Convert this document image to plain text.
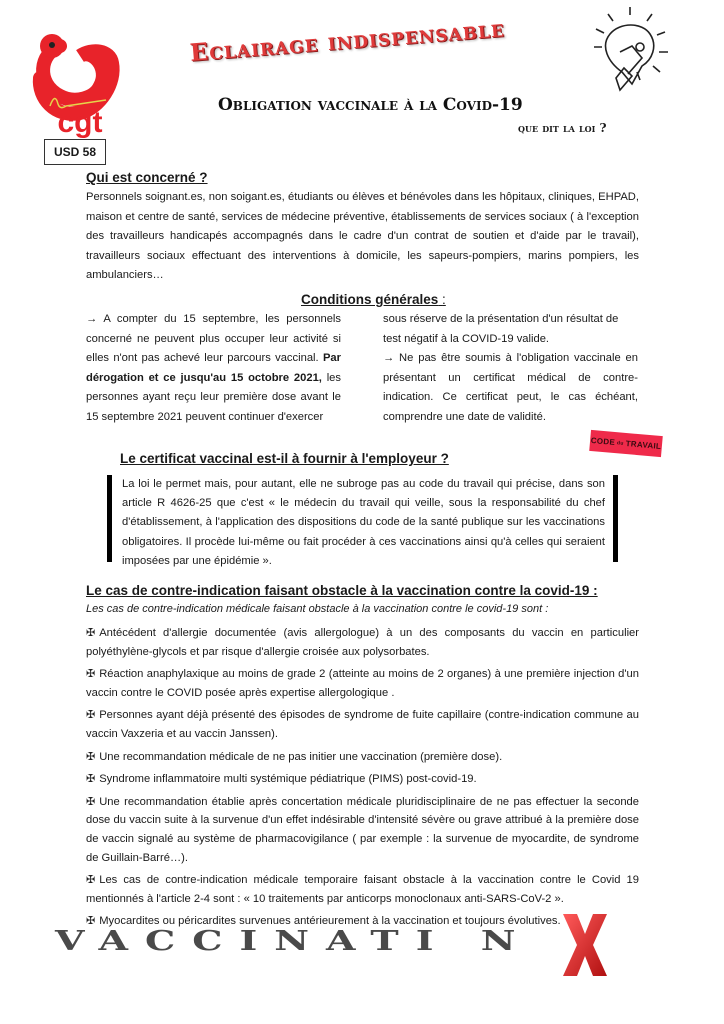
cgt
USD 58
Eclairage indispensable
Obligation vaccinale à la Covid-19
que dit la loi ?
Qui est concerné ?
Personnels soignant.es, non soigant.es, étudiants ou élèves et bénévoles dans les hôpitaux, cliniques, EHPAD, maison et centre de santé, services de médecine préventive, établissements de services sociaux ( à l'exception des travailleurs handicapés accompagnés dans le cadre d'un contrat de soutien et d'aide par le travail), travailleurs sociaux effectuant des interventions à domicile, les sapeurs-pompiers, marins pompiers, les ambulanciers…
Conditions générales :
→ A compter du 15 septembre, les personnels concerné ne peuvent plus occuper leur activité si elles n'ont pas achevé leur parcours vaccinal. Par dérogation et ce jusqu'au 15 octobre 2021, les personnes ayant reçu leur première dose avant le 15 septembre 2021 peuvent continuer d'exercer
sous réserve de la présentation d'un résultat de test négatif à la COVID-19 valide.
→ Ne pas être soumis à l'obligation vaccinale en présentant un certificat médical de contre-indication. Ce certificat peut, le cas échéant, comprendre une date de validité.
CODE du TRAVAIL
Le certificat vaccinal est-il à fournir à l'employeur ?
La loi le permet mais, pour autant, elle ne subroge pas au code du travail qui précise, dans son article R 4626-25 que c'est « le médecin du travail qui veille, sous la responsabilité du chef d'établissement, à l'application des dispositions du code de la santé publique sur les vaccinations obligatoires. Il procède lui-même ou fait procéder à ces vaccinations ainsi qu'à celles qui seraient imposées par une épidémie ».
Le cas de contre-indication faisant obstacle à la vaccination contre la covid-19 :
Les cas de contre-indication médicale faisant obstacle à la vaccination contre le covid-19 sont :
✠ Antécédent d'allergie documentée (avis allergologue) à un des composants du vaccin en particulier polyéthylène-glycols et par risque d'allergie croisée aux polysorbates.
✠ Réaction anaphylaxique au moins de grade 2 (atteinte au moins de 2 organes) à une première injection d'un vaccin contre le COVID posée après expertise allergologique .
✠ Personnes ayant déjà présenté des épisodes de syndrome de fuite capillaire (contre-indication commune au vaccin Vaxzeria et au vaccin Janssen).
✠ Une recommandation médicale de ne pas initier une vaccination (première dose).
✠ Syndrome inflammatoire multi systémique pédiatrique (PIMS) post-covid-19.
✠ Une recommandation établie après concertation médicale pluridisciplinaire de ne pas effectuer la seconde dose du vaccin suite à la survenue d'un effet indésirable d'intensité sévère ou grave attribué à la première dose de vaccin signalé au système de pharmacovigilance ( par exemple : la survenue de myocardite, de syndrome de Guillain-Barré…).
✠ Les cas de contre-indication médicale temporaire faisant obstacle à la vaccination contre le Covid 19 mentionnés à l'article 2-4 sont : « 10 traitements par anticorps monoclonaux anti-SARS-CoV-2 ».
✠ Myocardites ou péricardites survenues antérieurement à la vaccination et toujours évolutives.
VACCINATI N
